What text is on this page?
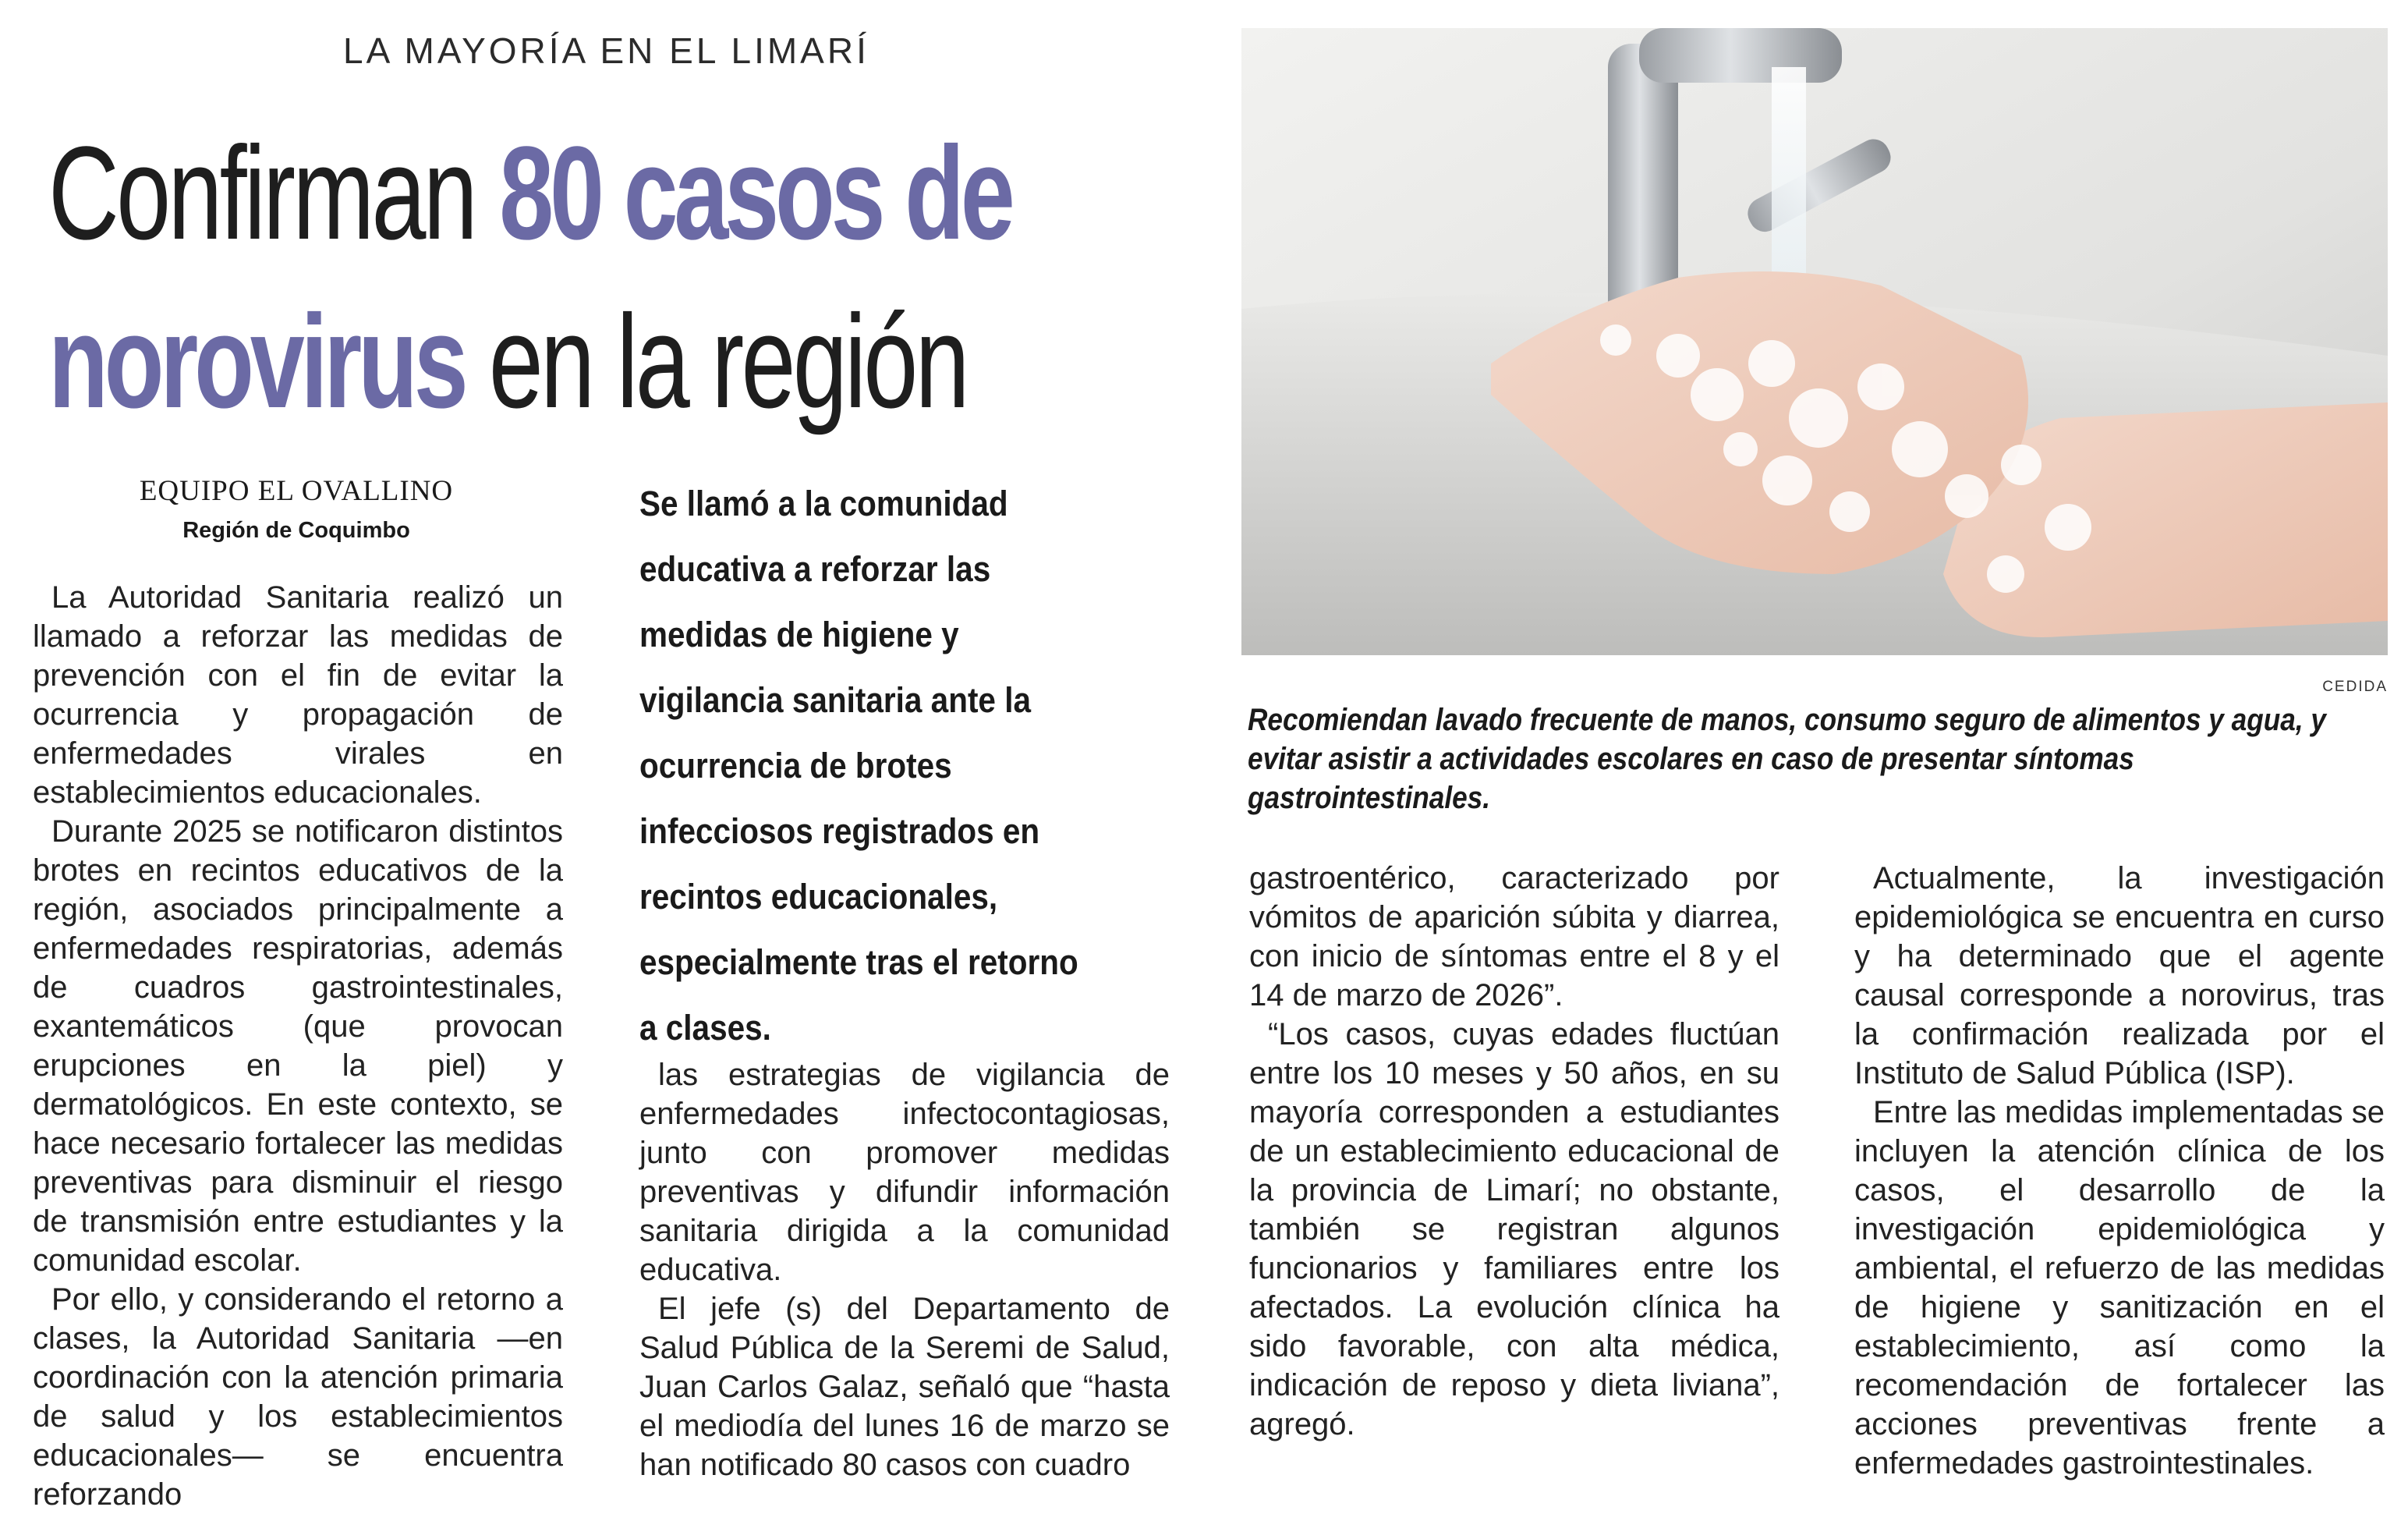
LA MAYORÍA EN EL LIMARÍ
Confirman 80 casos de
norovirus en la región
EQUIPO EL OVALLINO
Región de Coquimbo

La Autoridad Sanitaria realizó un llamado a reforzar las medidas de prevención con el fin de evitar la ocurrencia y propagación de enfermedades virales en establecimientos educacionales.

Durante 2025 se notificaron distintos brotes en recintos educativos de la región, asociados principalmente a enfermedades respiratorias, además de cuadros gastrointestinales, exantemáticos (que provocan erupciones en la piel) y dermatológicos. En este contexto, se hace necesario fortalecer las medidas preventivas para disminuir el riesgo de transmisión entre estudiantes y la comunidad escolar.

Por ello, y considerando el retorno a clases, la Autoridad Sanitaria —en coordinación con la atención primaria de salud y los establecimientos educacionales— se encuentra reforzando

Se llamó a la comunidad educativa a reforzar las medidas de higiene y vigilancia sanitaria ante la ocurrencia de brotes infecciosos registrados en recintos educacionales, especialmente tras el retorno a clases.

las estrategias de vigilancia de enfermedades infectocontagiosas, junto con promover medidas preventivas y difundir información sanitaria dirigida a la comunidad educativa.

El jefe (s) del Departamento de Salud Pública de la Seremi de Salud, Juan Carlos Galaz, señaló que “hasta el mediodía del lunes 16 de marzo se han notificado 80 casos con cuadro

gastroentérico, caracterizado por vómitos de aparición súbita y diarrea, con inicio de síntomas entre el 8 y el 14 de marzo de 2026”.

“Los casos, cuyas edades fluctúan entre los 10 meses y 50 años, en su mayoría corresponden a estudiantes de un establecimiento educacional de la provincia de Limarí; no obstante, también se registran algunos funcionarios y familiares entre los afectados. La evolución clínica ha sido favorable, con alta médica, indicación de reposo y dieta liviana”, agregó.

Actualmente, la investigación epidemiológica se encuentra en curso y ha determinado que el agente causal corresponde a norovirus, tras la confirmación realizada por el Instituto de Salud Pública (ISP).

Entre las medidas implementadas se incluyen la atención clínica de los casos, el desarrollo de la investigación epidemiológica y ambiental, el refuerzo de las medidas de higiene y sanitización en el establecimiento, así como la recomendación de fortalecer las acciones preventivas frente a enfermedades gastrointestinales.

CEDIDA
Recomiendan lavado frecuente de manos, consumo seguro de alimentos y agua, y evitar asistir a actividades escolares en caso de presentar síntomas gastrointestinales.
